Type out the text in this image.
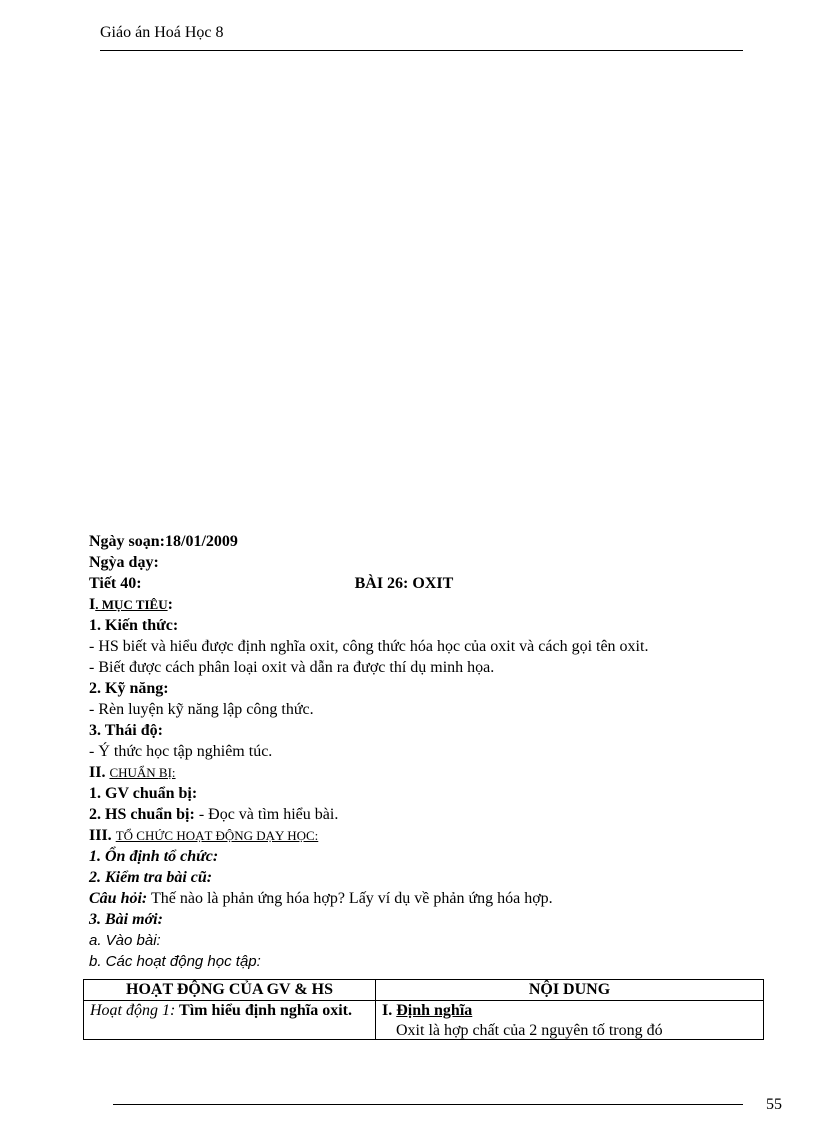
Giáo án Hoá Học 8
Ngày soạn:18/01/2009
Ngỳa dạy:
Tiết 40:	BÀI 26: OXIT
I. MỤC TIÊU:
1. Kiến thức:
- HS biết và hiểu được định nghĩa oxit, công thức hóa học của oxit và cách gọi tên oxit.
- Biết được cách phân loại oxit và dẫn ra được thí dụ minh họa.
2. Kỹ năng:
- Rèn luyện kỹ năng lập công thức.
3. Thái độ:
- Ý thức học tập nghiêm túc.
II. CHUẨN BỊ:
1. GV chuẩn bị:
2. HS chuẩn bị: - Đọc và tìm hiểu bài.
III. TỔ CHỨC HOẠT ĐỘNG DẠY HỌC:
1. Ổn định tổ chức:
2. Kiểm tra bài cũ:
Câu hỏi: Thế nào là phản ứng hóa hợp? Lấy ví dụ về phản ứng hóa hợp.
3. Bài mới:
a. Vào bài:
b. Các hoạt động học tập:
HOẠT ĐỘNG CỦA GV & HS	NỘI DUNG

Hoạt động 1: Tìm hiểu định nghĩa oxit.	I. Định nghĩa
Oxit là hợp chất của 2 nguyên tố trong đó
55
